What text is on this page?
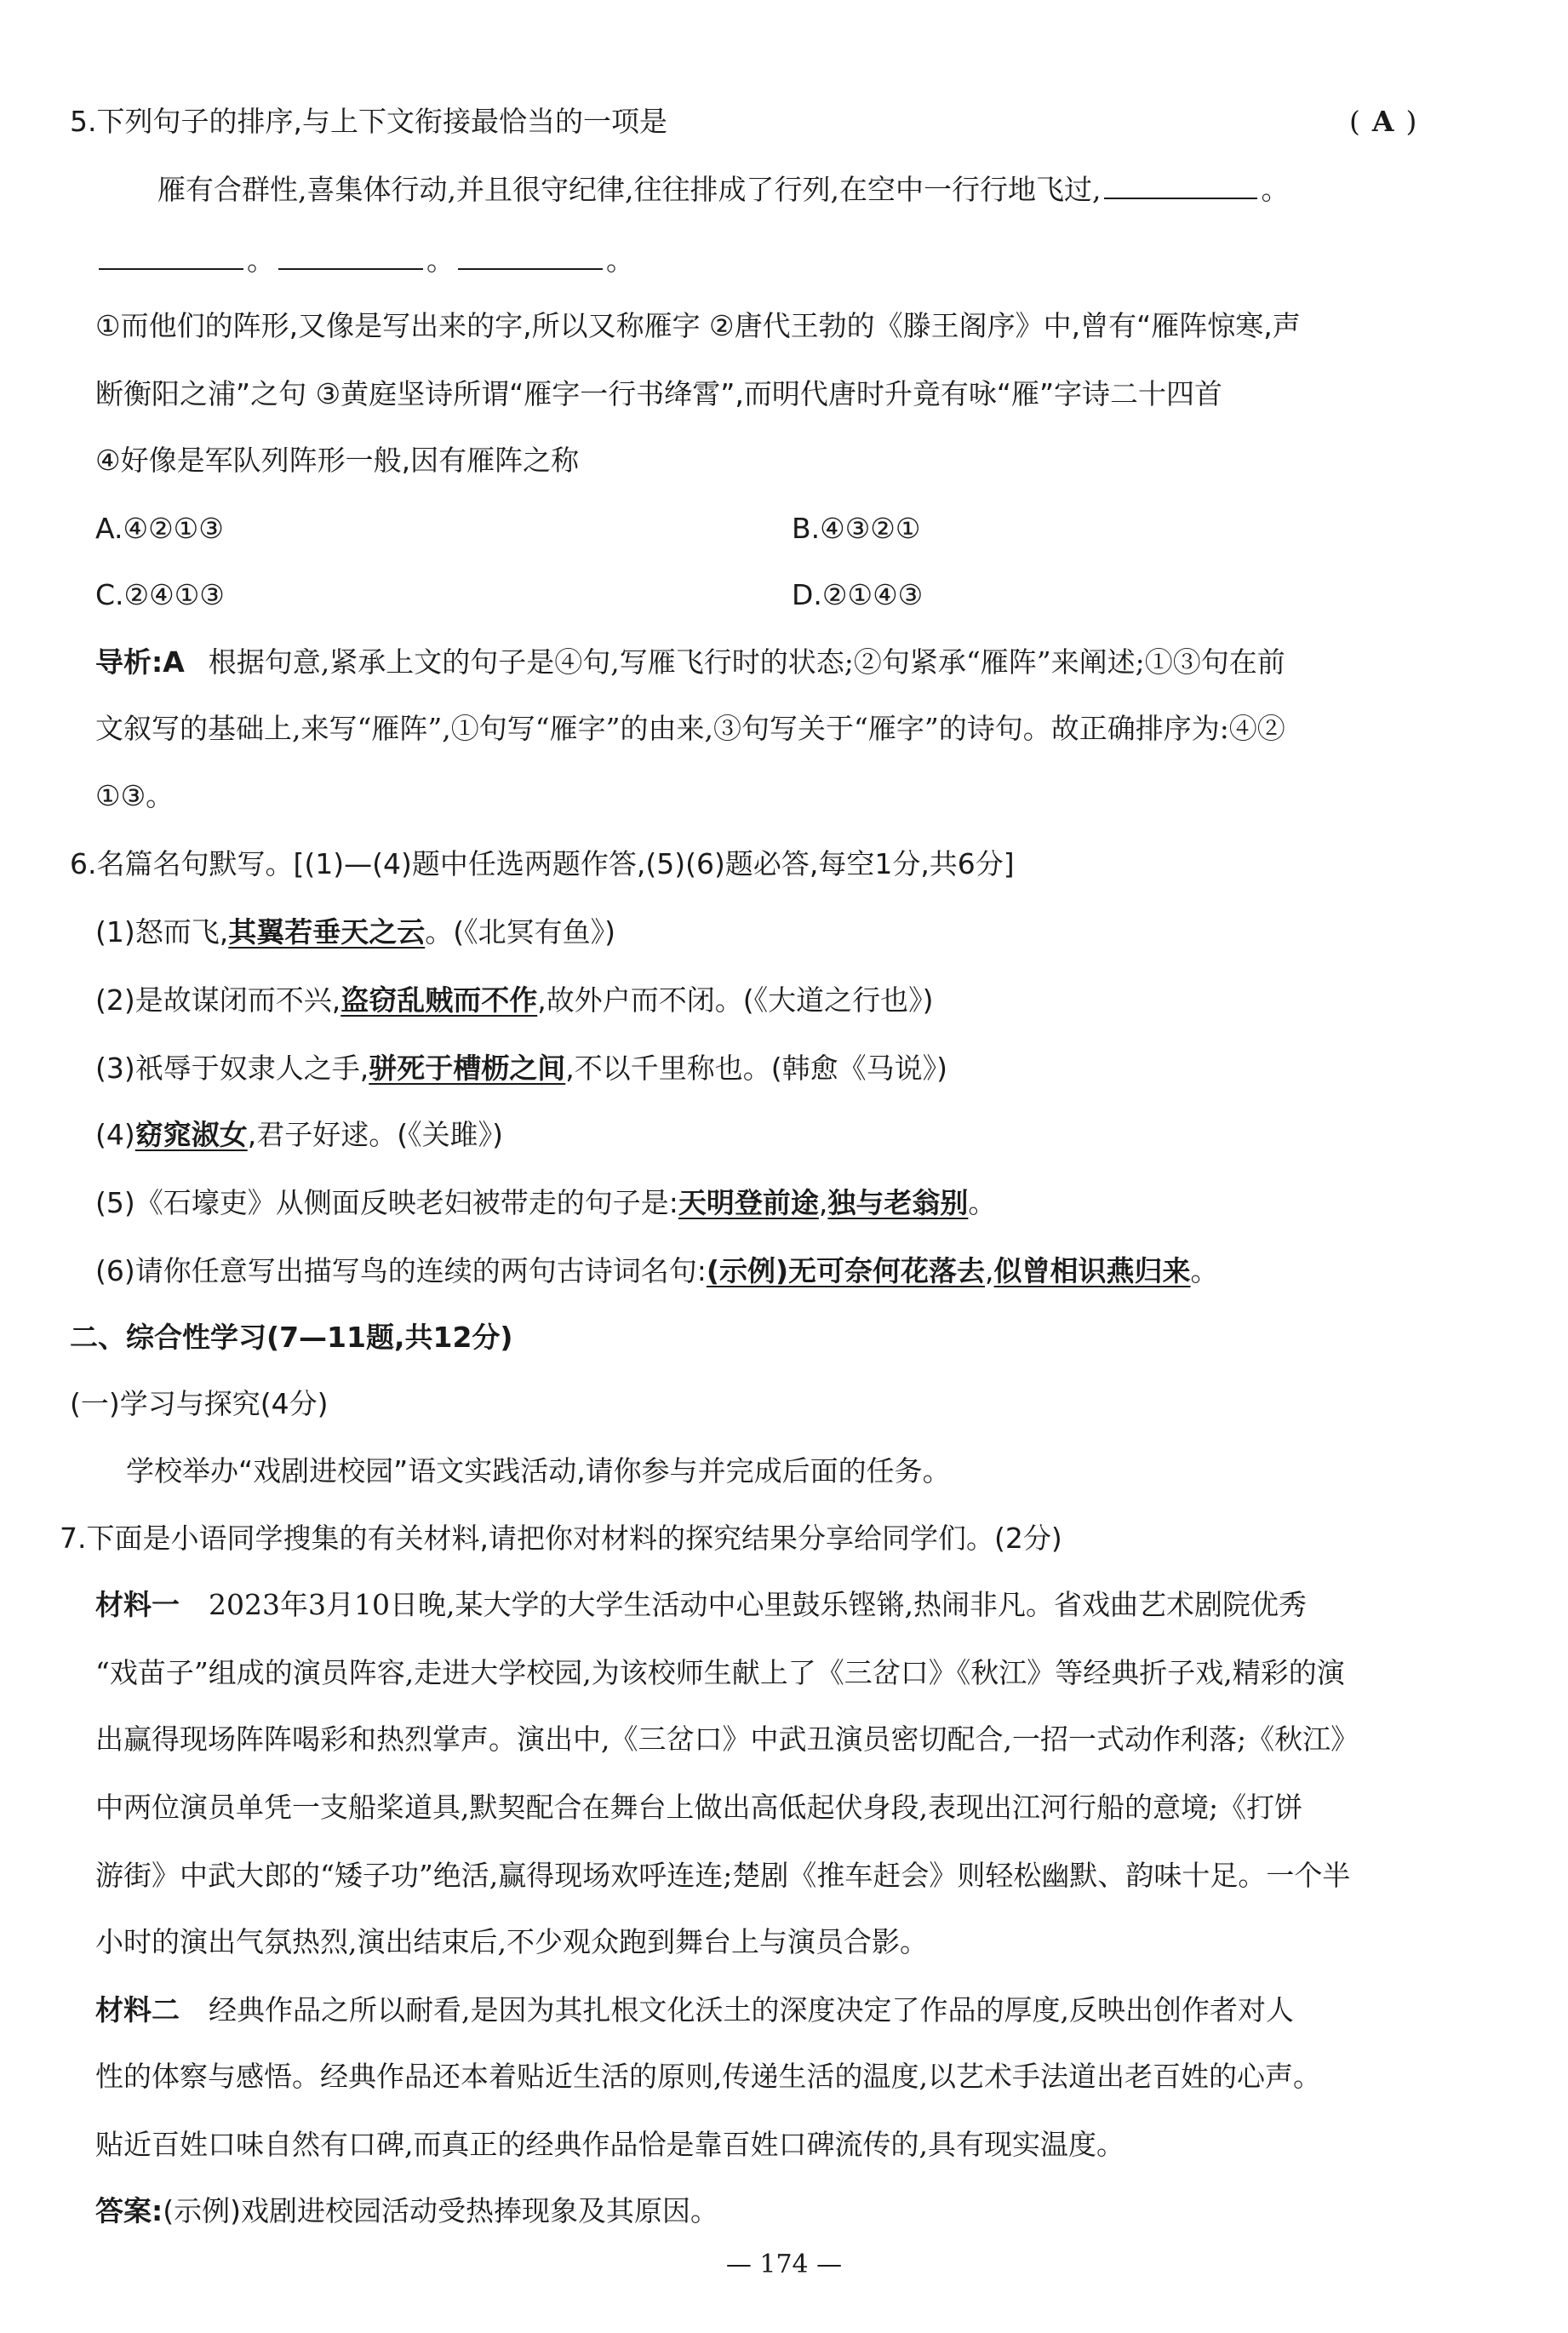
5.下列句子的排序,与上下文衔接最恰当的一项是	( A )
雁有合群性,喜集体行动,并且很守纪律,往往排成了行列,在空中一行行地飞过,	。
。	。	。
①而他们的阵形,又像是写出来的字,所以又称雁字 ②唐代王勃的《滕王阁序》中,曾有“雁阵惊寒,声
断衡阳之浦”之句 ③黄庭坚诗所谓“雁字一行书绛霄”,而明代唐时升竟有咏“雁”字诗二十四首
④好像是军队列阵形一般,因有雁阵之称
A.④②①③	B.④③②①
C.②④①③	D.②①④③
导析:A 根据句意,紧承上文的句子是④句,写雁飞行时的状态;②句紧承“雁阵”来阐述;①③句在前
文叙写的基础上,来写“雁阵”,①句写“雁字”的由来,③句写关于“雁字”的诗句。故正确排序为:④②
①③。
6.名篇名句默写。[(1)—(4)题中任选两题作答,(5)(6)题必答,每空1分,共6分]
(1)怒而飞,其翼若垂天之云。(《北冥有鱼》)
(2)是故谋闭而不兴,盗窃乱贼而不作,故外户而不闭。(《大道之行也》)
(3)祇辱于奴隶人之手,骈死于槽枥之间,不以千里称也。(韩愈《马说》)
(4)窈窕淑女,君子好逑。(《关雎》)
(5)《石壕吏》从侧面反映老妇被带走的句子是:天明登前途,独与老翁别。
(6)请你任意写出描写鸟的连续的两句古诗词名句:(示例)无可奈何花落去,似曾相识燕归来。
二、综合性学习(7—11题,共12分)
(一)学习与探究(4分)
学校举办“戏剧进校园”语文实践活动,请你参与并完成后面的任务。
7.下面是小语同学搜集的有关材料,请把你对材料的探究结果分享给同学们。(2分)
材料一 2023年3月10日晚,某大学的大学生活动中心里鼓乐铿锵,热闹非凡。省戏曲艺术剧院优秀
“戏苗子”组成的演员阵容,走进大学校园,为该校师生献上了《三岔口》《秋江》等经典折子戏,精彩的演
出赢得现场阵阵喝彩和热烈掌声。演出中,《三岔口》中武丑演员密切配合,一招一式动作利落;《秋江》
中两位演员单凭一支船桨道具,默契配合在舞台上做出高低起伏身段,表现出江河行船的意境;《打饼
游街》中武大郎的“矮子功”绝活,赢得现场欢呼连连;楚剧《推车赶会》则轻松幽默、韵味十足。一个半
小时的演出气氛热烈,演出结束后,不少观众跑到舞台上与演员合影。
材料二 经典作品之所以耐看,是因为其扎根文化沃土的深度决定了作品的厚度,反映出创作者对人
性的体察与感悟。经典作品还本着贴近生活的原则,传递生活的温度,以艺术手法道出老百姓的心声。
贴近百姓口味自然有口碑,而真正的经典作品恰是靠百姓口碑流传的,具有现实温度。
答案:(示例)戏剧进校园活动受热捧现象及其原因。
— 174 —
